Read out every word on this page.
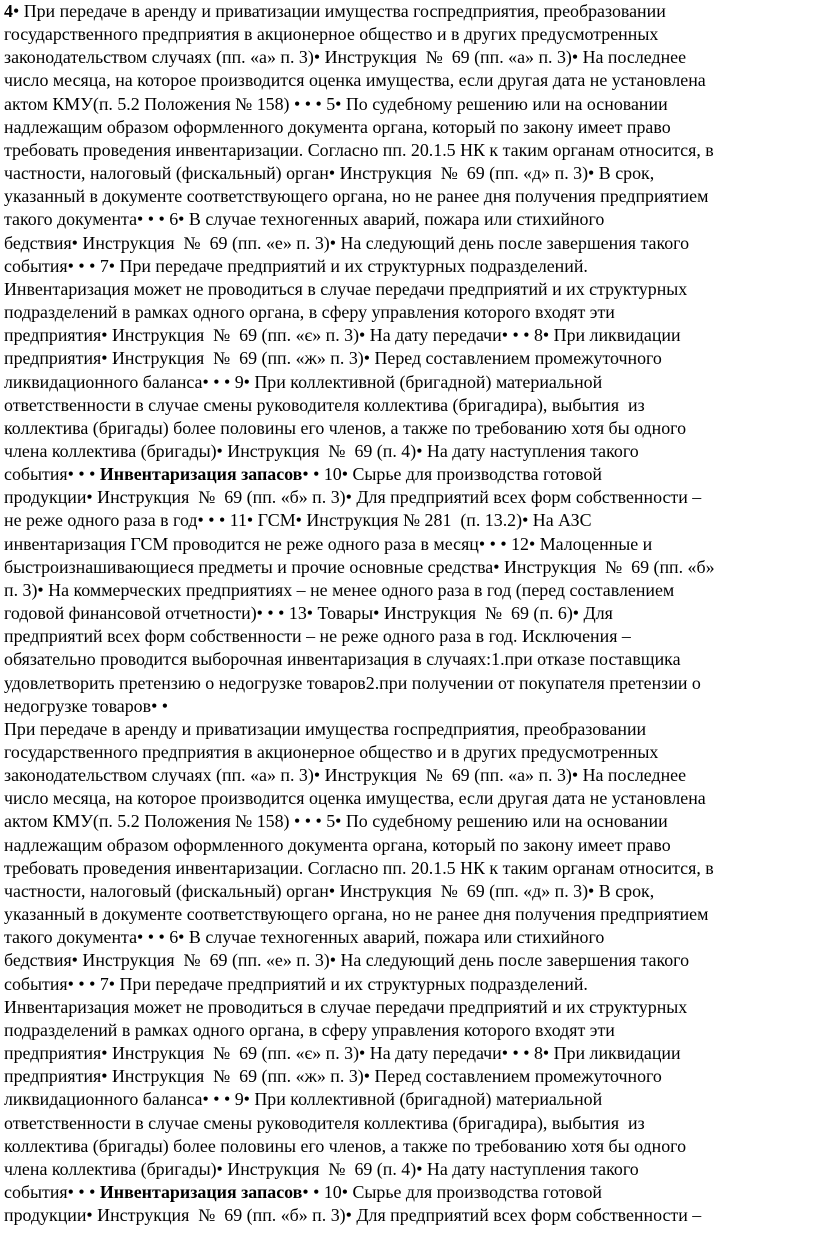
4• При передаче в аренду и приватизации имущества госпредприятия, преобразовании
государственного предприятия в акционерное общество и в других предусмотренных
законодательством случаях (пп. «а» п. 3)• Инструкция  №  69 (пп. «а» п. 3)• На последнее
число месяца, на которое производится оценка имущества, если другая дата не установлена
актом КМУ(п. 5.2 Положения № 158) • • • 5• По судебному решению или на основании
надлежащим образом оформленного документа органа, который по закону имеет право
требовать проведения инвентаризации. Согласно пп. 20.1.5 НК к таким органам относится, в
частности, налоговый (фискальный) орган• Инструкция  №  69 (пп. «д» п. 3)• В срок,
указанный в документе соответствующего органа, но не ранее дня получения предприятием
такого документа• • • 6• В случае техногенных аварий, пожара или стихийного
бедствия• Инструкция  №  69 (пп. «е» п. 3)• На следующий день после завершения такого
события• • • 7• При передаче предприятий и их структурных подразделений.
Инвентаризация может не проводиться в случае передачи предприятий и их структурных
подразделений в рамках одного органа, в сферу управления которого входят эти
предприятия• Инструкция  №  69 (пп. «є» п. 3)• На дату передачи• • • 8• При ликвидации
предприятия• Инструкция  №  69 (пп. «ж» п. 3)• Перед составлением промежуточного
ликвидационного баланса• • • 9• При коллективной (бригадной) материальной
ответственности в случае смены руководителя коллектива (бригадира), выбытия  из
коллектива (бригады) более половины его членов, а также по требованию хотя бы одного
члена коллектива (бригады)• Инструкция  №  69 (п. 4)• На дату наступления такого
события• • • Инвентаризация запасов• • 10• Сырье для производства готовой
продукции• Инструкция  №  69 (пп. «б» п. 3)• Для предприятий всех форм собственности –
не реже одного раза в год• • • 11• ГСМ• Инструкция № 281  (п. 13.2)• На АЗС
инвентаризация ГСМ проводится не реже одного раза в месяц• • • 12• Малоценные и
быстроизнашивающиеся предметы и прочие основные средства• Инструкция  №  69 (пп. «б»
п. 3)• На коммерческих предприятиях – не менее одного раза в год (перед составлением
годовой финансовой отчетности)• • • 13• Товары• Инструкция  №  69 (п. 6)• Для
предприятий всех форм собственности – не реже одного раза в год. Исключения –
обязательно проводится выборочная инвентаризация в случаях:1.при отказе поставщика
удовлетворить претензию о недогрузке товаров2.при получении от покупателя претензии о
недогрузке товаров• •
При передаче в аренду и приватизации имущества госпредприятия, преобразовании
государственного предприятия в акционерное общество и в других предусмотренных
законодательством случаях (пп. «а» п. 3)• Инструкция  №  69 (пп. «а» п. 3)• На последнее
число месяца, на которое производится оценка имущества, если другая дата не установлена
актом КМУ(п. 5.2 Положения № 158) • • • 5• По судебному решению или на основании
надлежащим образом оформленного документа органа, который по закону имеет право
требовать проведения инвентаризации. Согласно пп. 20.1.5 НК к таким органам относится, в
частности, налоговый (фискальный) орган• Инструкция  №  69 (пп. «д» п. 3)• В срок,
указанный в документе соответствующего органа, но не ранее дня получения предприятием
такого документа• • • 6• В случае техногенных аварий, пожара или стихийного
бедствия• Инструкция  №  69 (пп. «е» п. 3)• На следующий день после завершения такого
события• • • 7• При передаче предприятий и их структурных подразделений.
Инвентаризация может не проводиться в случае передачи предприятий и их структурных
подразделений в рамках одного органа, в сферу управления которого входят эти
предприятия• Инструкция  №  69 (пп. «є» п. 3)• На дату передачи• • • 8• При ликвидации
предприятия• Инструкция  №  69 (пп. «ж» п. 3)• Перед составлением промежуточного
ликвидационного баланса• • • 9• При коллективной (бригадной) материальной
ответственности в случае смены руководителя коллектива (бригадира), выбытия  из
коллектива (бригады) более половины его членов, а также по требованию хотя бы одного
члена коллектива (бригады)• Инструкция  №  69 (п. 4)• На дату наступления такого
события• • • Инвентаризация запасов• • 10• Сырье для производства готовой
продукции• Инструкция  №  69 (пп. «б» п. 3)• Для предприятий всех форм собственности –
